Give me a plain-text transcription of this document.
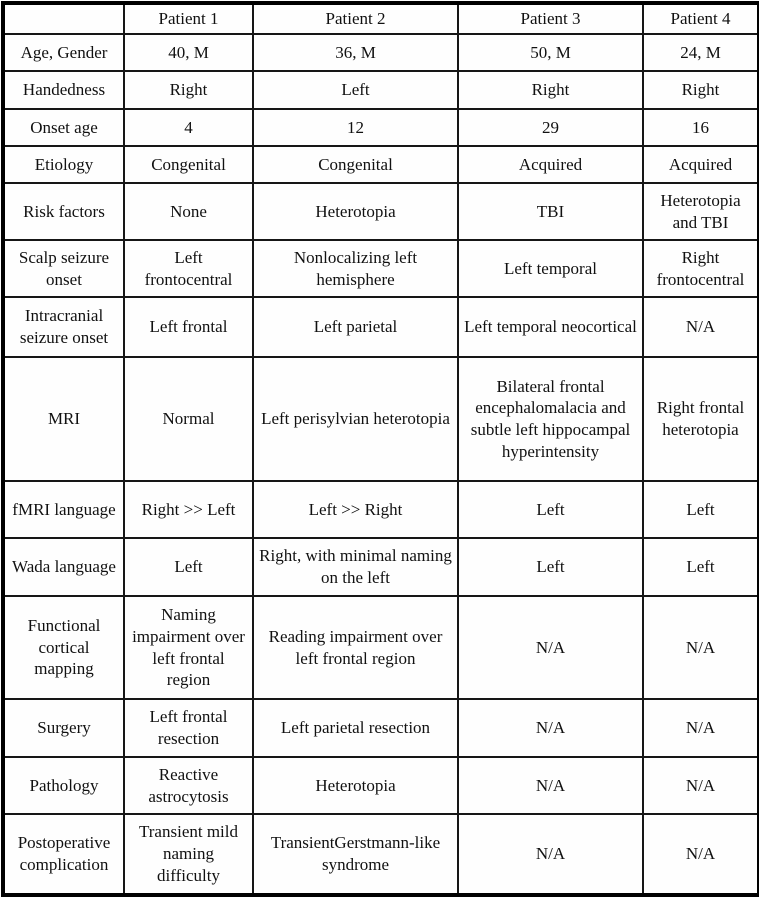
	Patient 1	Patient 2	Patient 3	Patient 4
Age, Gender	40, M	36, M	50, M	24, M
Handedness	Right	Left	Right	Right
Onset age	4	12	29	16
Etiology	Congenital	Congenital	Acquired	Acquired
Risk factors	None	Heterotopia	TBI	Heterotopia and TBI
Scalp seizure onset	Left frontocentral	Nonlocalizing left hemisphere	Left temporal	Right frontocentral
Intracranial seizure onset	Left frontal	Left parietal	Left temporal neocortical	N/A
MRI	Normal	Left perisylvian heterotopia	Bilateral frontal encephalomalacia and subtle left hippocampal hyperintensity	Right frontal heterotopia
fMRI language	Right >> Left	Left >> Right	Left	Left
Wada language	Left	Right, with minimal naming on the left	Left	Left
Functional cortical mapping	Naming impairment over left frontal region	Reading impairment over left frontal region	N/A	N/A
Surgery	Left frontal resection	Left parietal resection	N/A	N/A
Pathology	Reactive astrocytosis	Heterotopia	N/A	N/A
Postoperative complication	Transient mild naming difficulty	TransientGerstmann-like syndrome	N/A	N/A
